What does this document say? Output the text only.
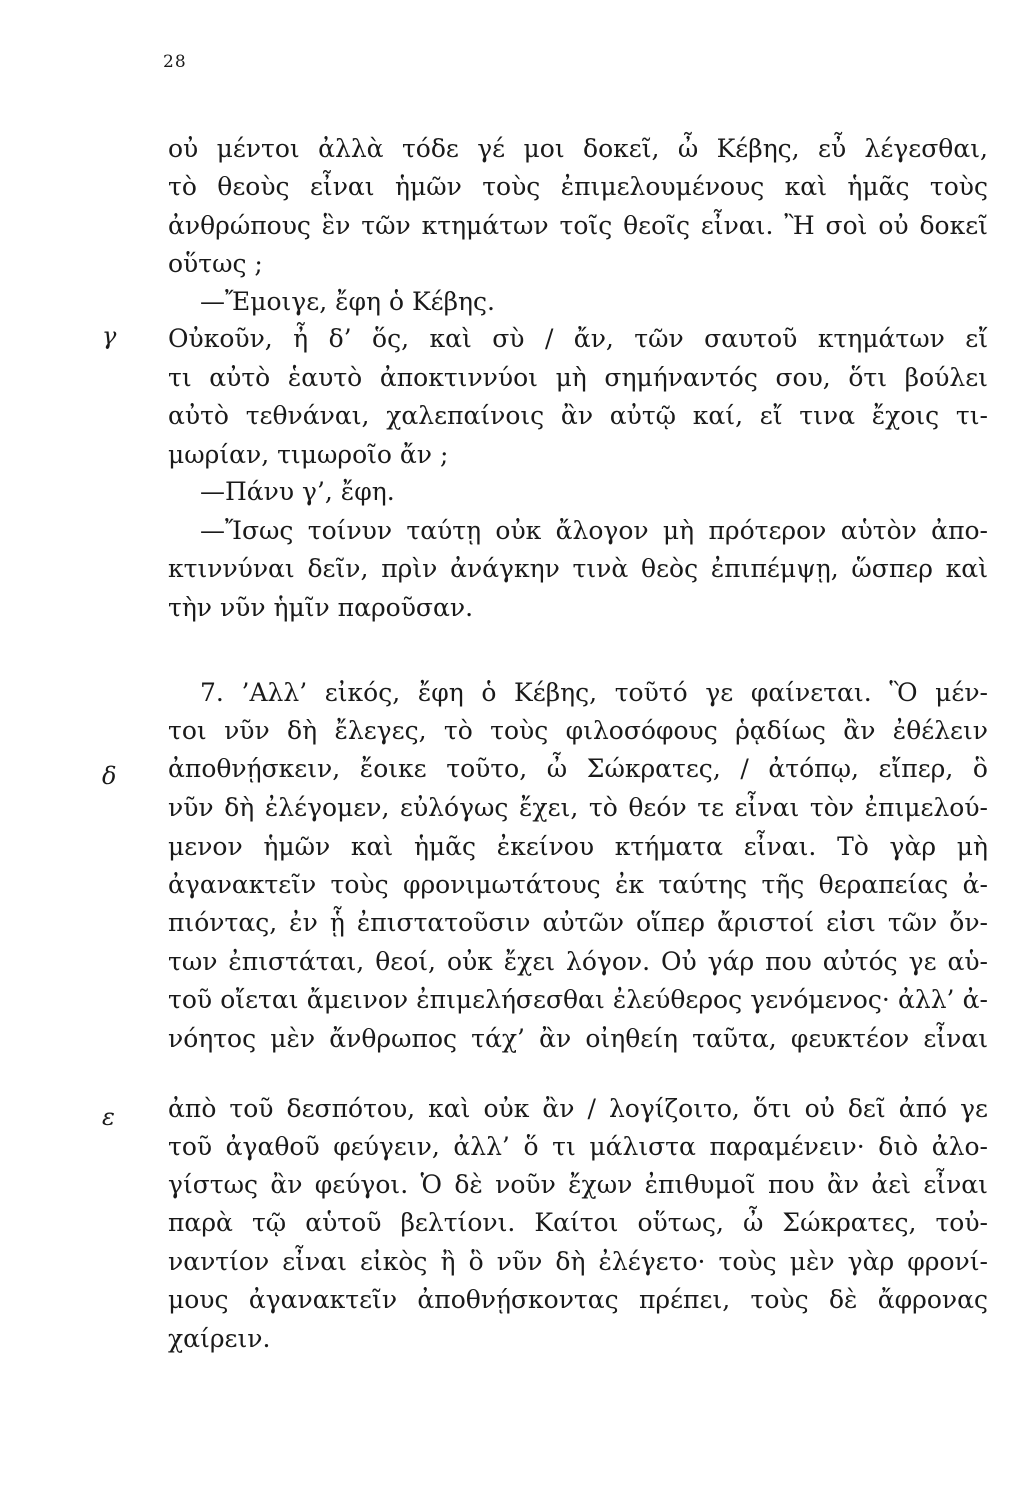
28
γ
δ
ε
οὐ μέντοι ἀλλὰ τόδε γέ μοι δοκεῖ, ὦ Κέβης, εὖ λέγεσθαι,
τὸ θεοὺς εἶναι ἡμῶν τοὺς ἐπιμελουμένους καὶ ἡμᾶς τοὺς
ἀνθρώπους ἓν τῶν κτημάτων τοῖς θεοῖς εἶναι. Ἢ σοὶ οὐ δοκεῖ
οὕτως ;
—Ἔμοιγε, ἔφη ὁ Κέβης.
Οὐκοῦν, ἦ δ’ ὅς, καὶ σὺ / ἄν, τῶν σαυτοῦ κτημάτων εἴ
τι αὐτὸ ἑαυτὸ ἀποκτιννύοι μὴ σημήναντός σου, ὅτι βούλει
αὐτὸ τεθνάναι, χαλεπαίνοις ἂν αὐτῷ καί, εἴ τινα ἔχοις τι-
μωρίαν, τιμωροῖο ἄν ;
—Πάνυ γ’, ἔφη.
—Ἴσως τοίνυν ταύτῃ οὐκ ἄλογον μὴ πρότερον αὑτὸν ἀπο-
κτιννύναι δεῖν, πρὶν ἀνάγκην τινὰ θεὸς ἐπιπέμψῃ, ὥσπερ καὶ
τὴν νῦν ἡμῖν παροῦσαν.
7. ’Αλλ’ εἰκός, ἔφη ὁ Κέβης, τοῦτό γε φαίνεται. Ὃ μέν-
τοι νῦν δὴ ἔλεγες, τὸ τοὺς φιλοσόφους ῥᾳδίως ἂν ἐθέλειν
ἀποθνῄσκειν, ἔοικε τοῦτο, ὦ Σώκρατες, / ἀτόπῳ, εἴπερ, ὃ
νῦν δὴ ἐλέγομεν, εὐλόγως ἔχει, τὸ θεόν τε εἶναι τὸν ἐπιμελού-
μενον ἡμῶν καὶ ἡμᾶς ἐκείνου κτήματα εἶναι. Τὸ γὰρ μὴ
ἀγανακτεῖν τοὺς φρονιμωτάτους ἐκ ταύτης τῆς θεραπείας ἀ-
πιόντας, ἐν ᾗ ἐπιστατοῦσιν αὐτῶν οἵπερ ἄριστοί εἰσι τῶν ὄν-
των ἐπιστάται, θεοί, οὐκ ἔχει λόγον. Οὐ γάρ που αὐτός γε αὑ-
τοῦ οἴεται ἄμεινον ἐπιμελήσεσθαι ἐλεύθερος γενόμενος· ἀλλ’ ἀ-
νόητος μὲν ἄνθρωπος τάχ’ ἂν οἰηθείη ταῦτα, φευκτέον εἶναι
ἀπὸ τοῦ δεσπότου, καὶ οὐκ ἂν / λογίζοιτο, ὅτι οὐ δεῖ ἀπό γε
τοῦ ἀγαθοῦ φεύγειν, ἀλλ’ ὅ τι μάλιστα παραμένειν· διὸ ἀλο-
γίστως ἂν φεύγοι. Ὁ δὲ νοῦν ἔχων ἐπιθυμοῖ που ἂν ἀεὶ εἶναι
παρὰ τῷ αὑτοῦ βελτίονι. Καίτοι οὕτως, ὦ Σώκρατες, τοὐ-
ναντίον εἶναι εἰκὸς ἢ ὃ νῦν δὴ ἐλέγετο· τοὺς μὲν γὰρ φρονί-
μους ἀγανακτεῖν ἀποθνῄσκοντας πρέπει, τοὺς δὲ ἄφρονας
χαίρειν.
